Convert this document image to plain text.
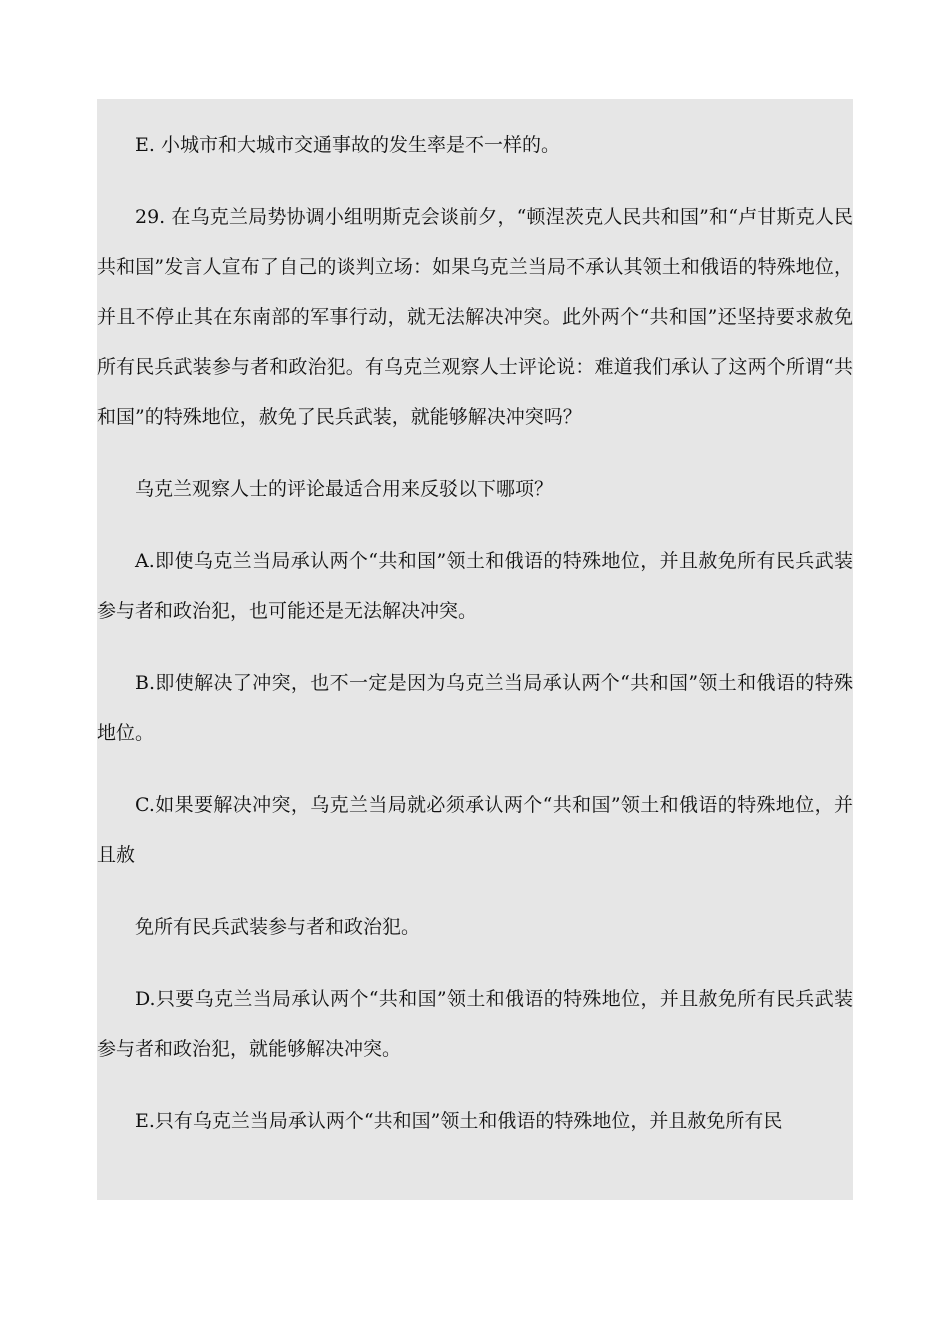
E. 小城市和大城市交通事故的发生率是不一样的。

29. 在乌克兰局势协调小组明斯克会谈前夕，“顿涅茨克人民共和国”和“卢甘斯克人民共和国”发言人宣布了自己的谈判立场：如果乌克兰当局不承认其领土和俄语的特殊地位，并且不停止其在东南部的军事行动，就无法解决冲突。此外两个“共和国”还坚持要求赦免所有民兵武装参与者和政治犯。有乌克兰观察人士评论说：难道我们承认了这两个所谓“共和国”的特殊地位，赦免了民兵武装，就能够解决冲突吗？

乌克兰观察人士的评论最适合用来反驳以下哪项？

A.即使乌克兰当局承认两个“共和国”领土和俄语的特殊地位，并且赦免所有民兵武装参与者和政治犯，也可能还是无法解决冲突。

B.即使解决了冲突，也不一定是因为乌克兰当局承认两个“共和国”领土和俄语的特殊地位。

C.如果要解决冲突，乌克兰当局就必须承认两个“共和国”领土和俄语的特殊地位，并且赦

免所有民兵武装参与者和政治犯。

D.只要乌克兰当局承认两个“共和国”领土和俄语的特殊地位，并且赦免所有民兵武装参与者和政治犯，就能够解决冲突。

E.只有乌克兰当局承认两个“共和国”领土和俄语的特殊地位，并且赦免所有民
